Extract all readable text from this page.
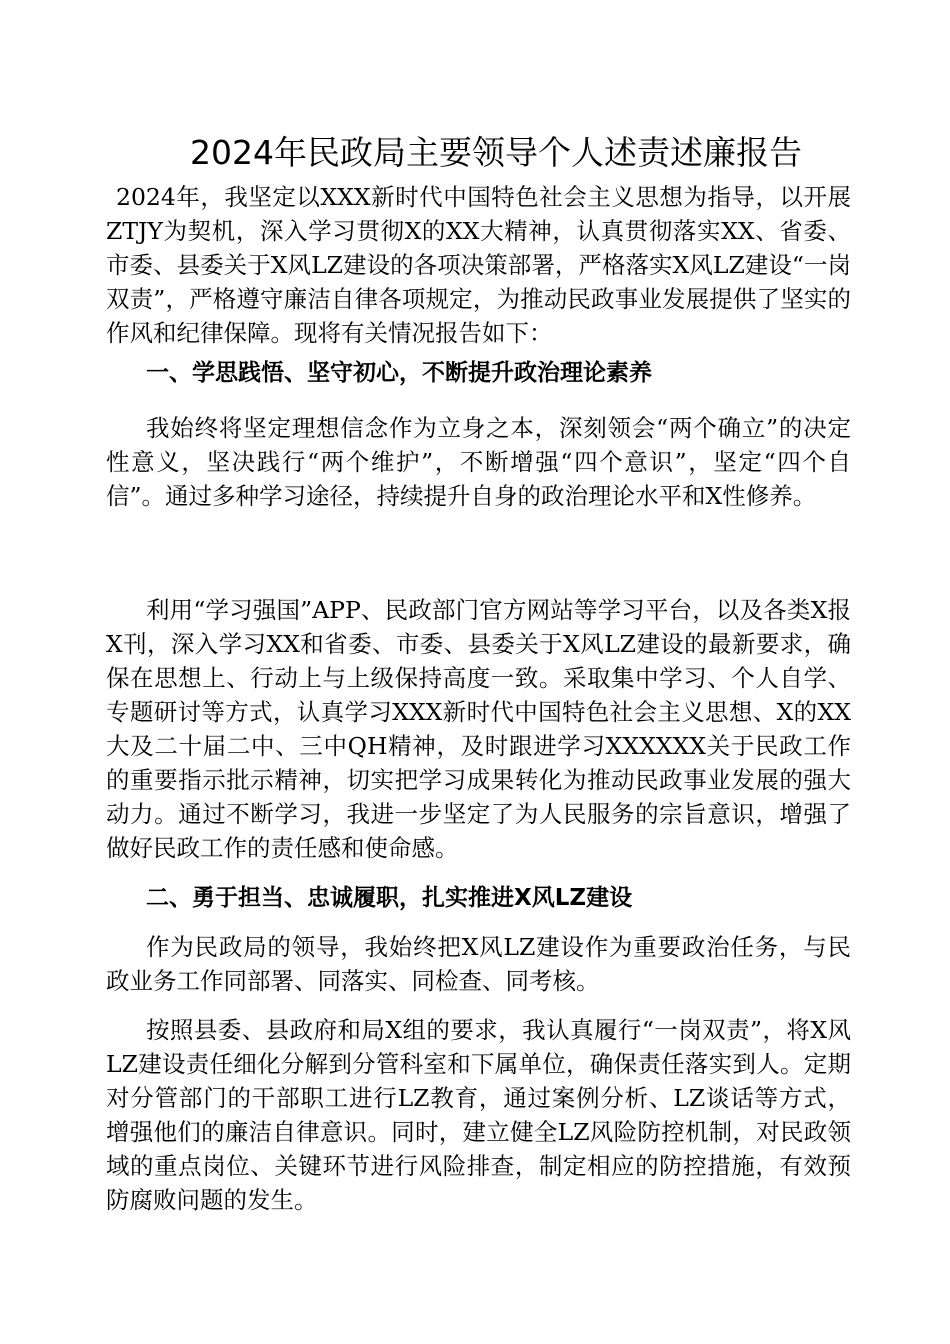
2024年民政局主要领导个人述责述廉报告

2024年，我坚定以XXX新时代中国特色社会主义思想为指导，以开展ZTJY为契机，深入学习贯彻X的XX大精神，认真贯彻落实XX、省委、市委、县委关于X风LZ建设的各项决策部署，严格落实X风LZ建设“一岗双责”，严格遵守廉洁自律各项规定，为推动民政事业发展提供了坚实的作风和纪律保障。现将有关情况报告如下：

一、学思践悟、坚守初心，不断提升政治理论素养

我始终将坚定理想信念作为立身之本，深刻领会“两个确立”的决定性意义，坚决践行“两个维护”，不断增强“四个意识”，坚定“四个自信”。通过多种学习途径，持续提升自身的政治理论水平和X性修养。

利用“学习强国”APP、民政部门官方网站等学习平台，以及各类X报X刊，深入学习XX和省委、市委、县委关于X风LZ建设的最新要求，确保在思想上、行动上与上级保持高度一致。采取集中学习、个人自学、专题研讨等方式，认真学习XXX新时代中国特色社会主义思想、X的XX大及二十届二中、三中QH精神，及时跟进学习XXXXXX关于民政工作的重要指示批示精神，切实把学习成果转化为推动民政事业发展的强大动力。通过不断学习，我进一步坚定了为人民服务的宗旨意识，增强了做好民政工作的责任感和使命感。

二、勇于担当、忠诚履职，扎实推进X风LZ建设

作为民政局的领导，我始终把X风LZ建设作为重要政治任务，与民政业务工作同部署、同落实、同检查、同考核。

按照县委、县政府和局X组的要求，我认真履行“一岗双责”，将X风LZ建设责任细化分解到分管科室和下属单位，确保责任落实到人。定期对分管部门的干部职工进行LZ教育，通过案例分析、LZ谈话等方式，增强他们的廉洁自律意识。同时，建立健全LZ风险防控机制，对民政领域的重点岗位、关键环节进行风险排查，制定相应的防控措施，有效预防腐败问题的发生。
